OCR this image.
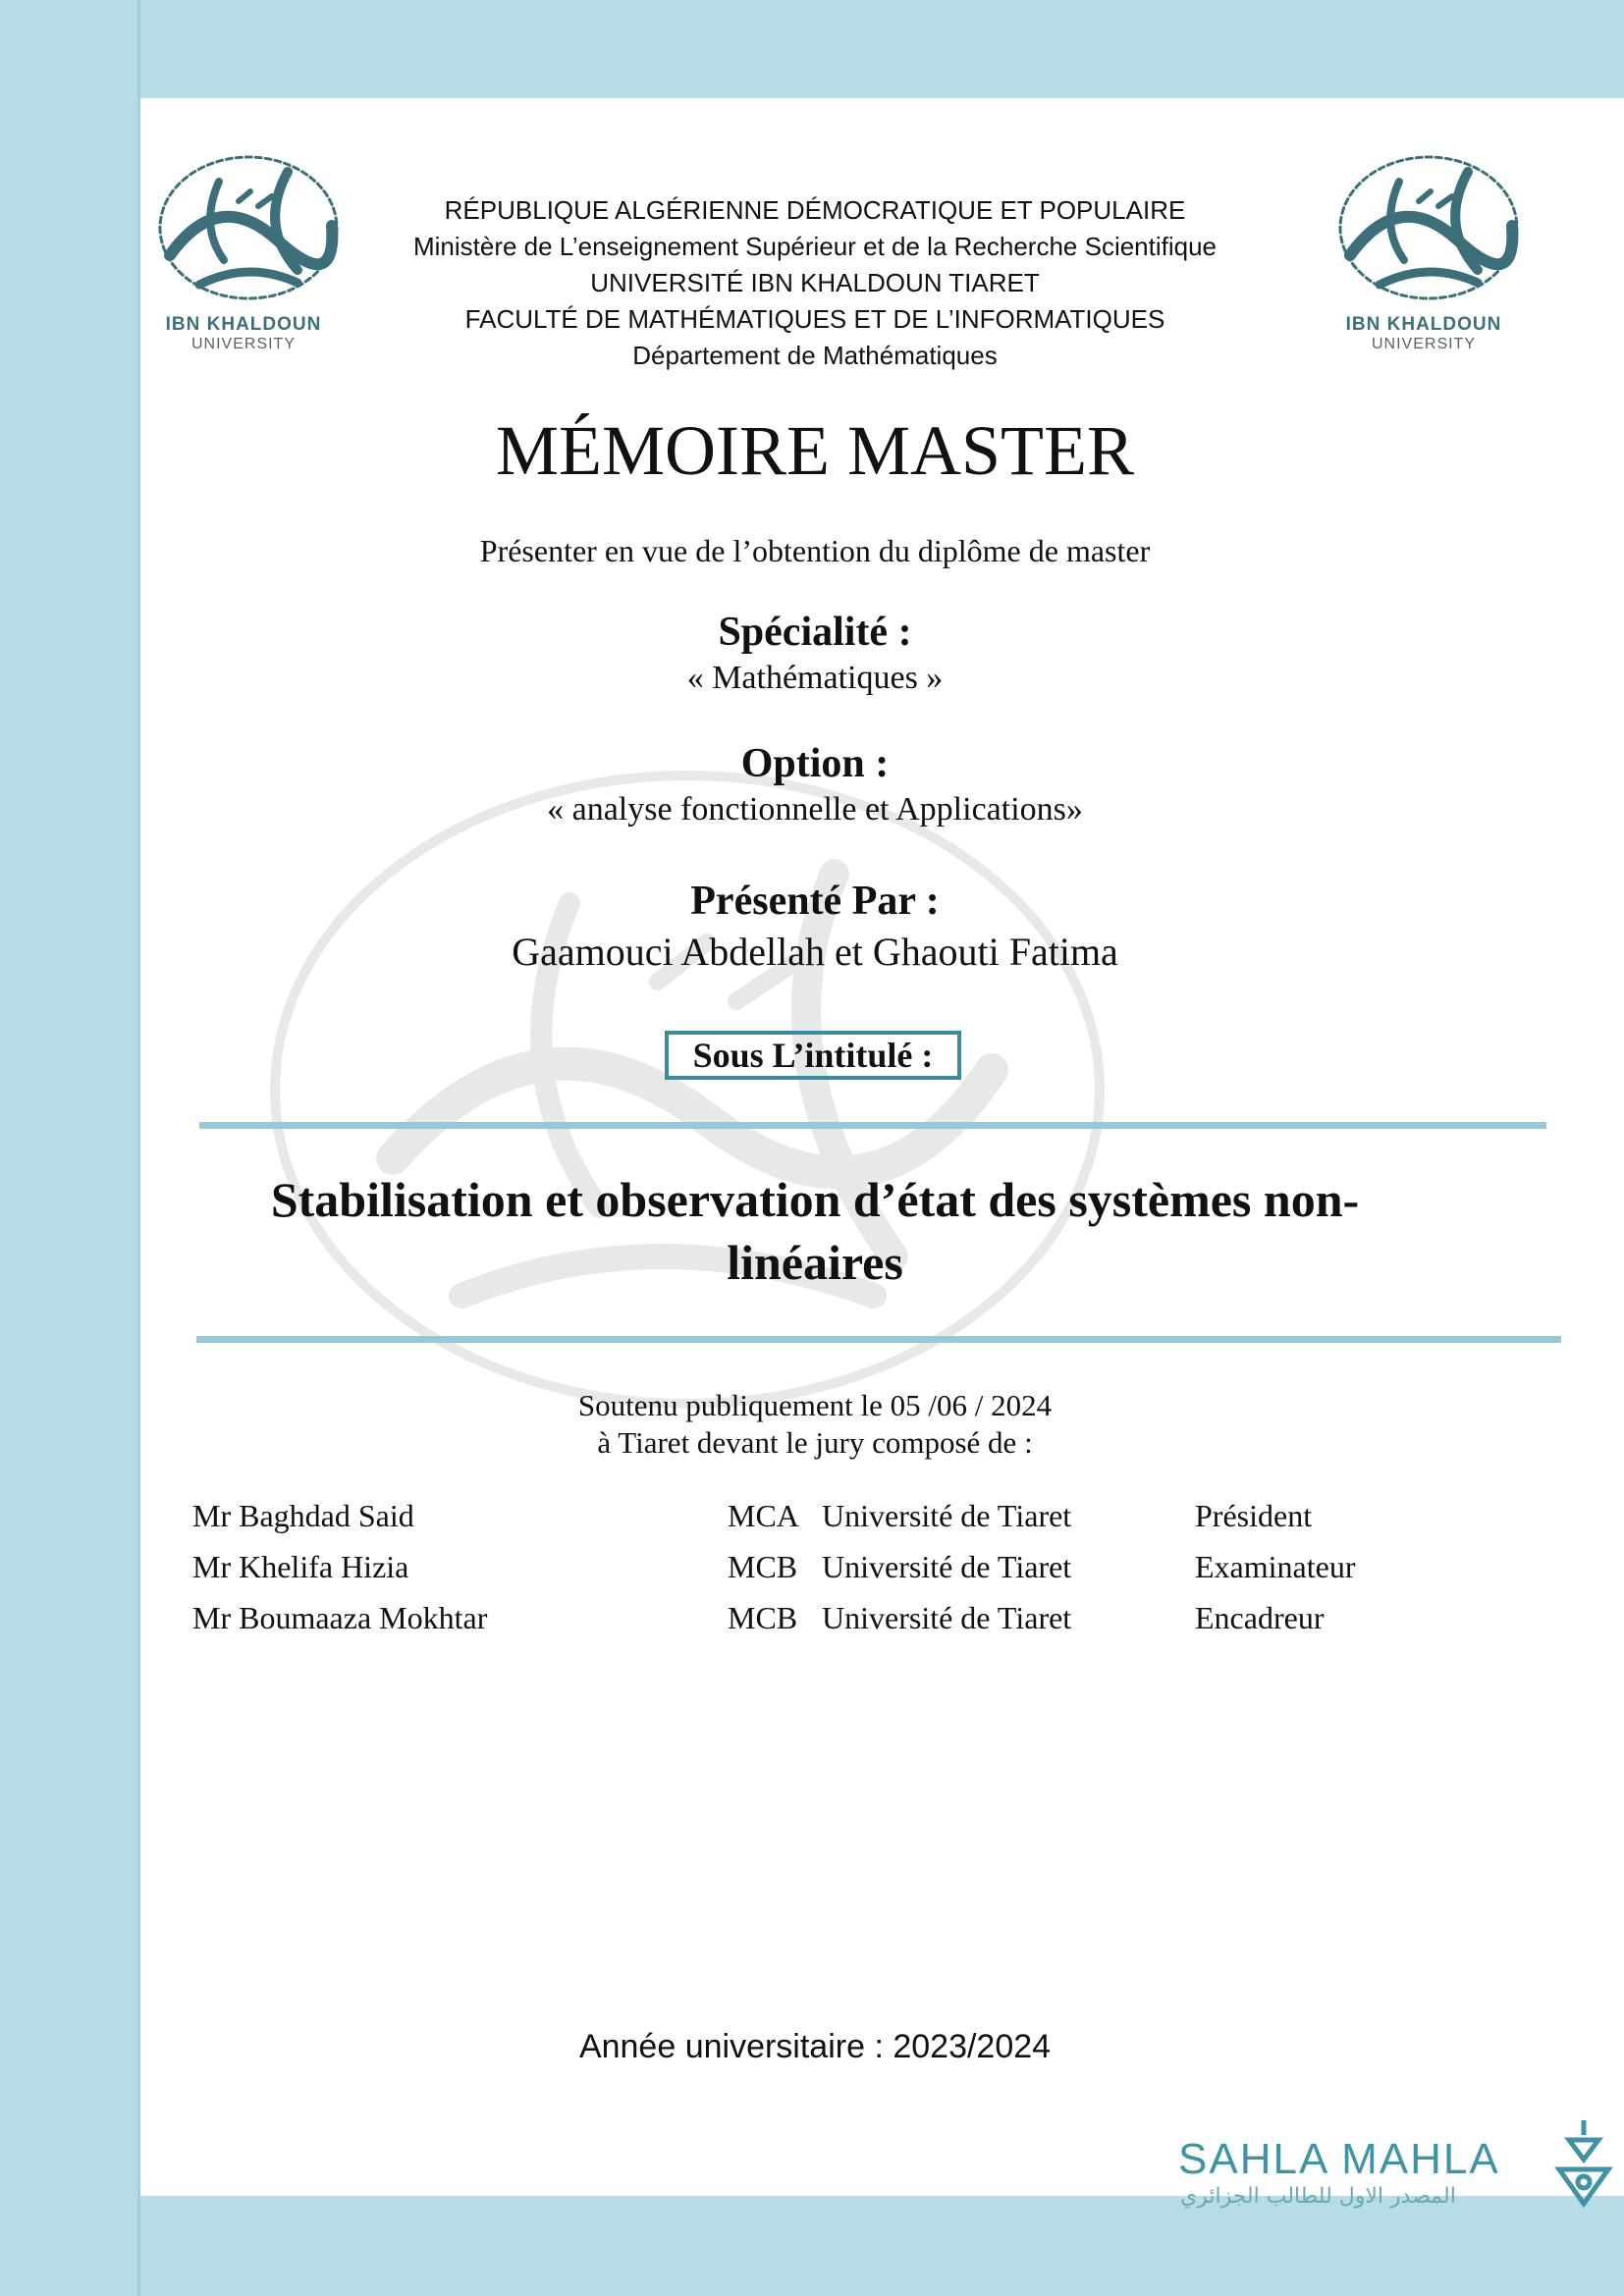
IBN KHALDOUN
UNIVERSITY
IBN KHALDOUN
UNIVERSITY
RÉPUBLIQUE ALGÉRIENNE DÉMOCRATIQUE ET POPULAIRE
Ministère de L’enseignement Supérieur et de la Recherche Scientifique
UNIVERSITÉ IBN KHALDOUN TIARET
FACULTÉ DE MATHÉMATIQUES ET DE L’INFORMATIQUES
Département de Mathématiques
MÉMOIRE MASTER
Présenter en vue de l’obtention du diplôme de master
Spécialité :
« Mathématiques »
Option :
« analyse fonctionnelle et Applications»
Présenté Par :
Gaamouci Abdellah et Ghaouti Fatima
Sous L’intitulé :
Stabilisation et observation d’état des systèmes non-
linéaires
Soutenu publiquement le 05 /06 / 2024
à Tiaret devant le jury composé de :
Mr Baghdad Said	MCA Université de Tiaret	Président
Mr Khelifa Hizia	MCB Université de Tiaret	Examinateur
Mr Boumaaza Mokhtar	MCB Université de Tiaret	Encadreur
Année universitaire : 2023/2024
SAHLA MAHLA
المصدر الاول للطالب الجزائري
